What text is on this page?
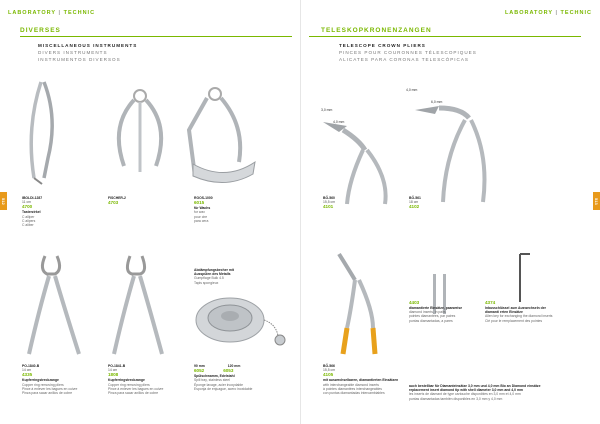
LABORATORY | TECHNIC
DIVERSES
MISCELLANEOUS INSTRUMENTS
DIVERS INSTRUMENTS
INSTRUMENTOS DIVERSOS
512	IBOLDI-1287
11 cm
4700
Tasterzirkel
C alliper
C alipers
C aliber
FISCHER-2
4703
ROOS-1000
6015
für Wachs
for wax
pour cire
para cera
Abdämpfungsbecher mit
Ausspülen des Metalls
Gumpflage Bulk 4.5
Tapis spongieux
PO-1840-B
14 cm
4335
Kupferringstreckzange
Copper ring removing pliers
Pince à enlever les bagues en cuivre
Pinza para sacar anillos de cobre
PO-1841-B
14 cm
1808
Kupferringstreckzange
Copper ring removing pliers
Pince à enlever les bagues en cuivre
Pinza para sacar anillos de cobre
90 mm	120 mm
6052	6053
Spülschwamm, Edelstahl
Spill tray, stainless steel
Éponge lavage, acier inoxydable
Esponja de enjuague, acero inoxidable
LABORATORY | TECHNIC
TELESKOPKRONENZANGEN
TELESCOPE CROWN PLIERS
PINCES POUR COURONNES TÉLESCOPIQUES
ALICATES PARA CORONAS TELESCÓPICAS
513
3,0 mm
4,0 mm
4,0 mm
6,0 mm
BÖ-560
15,5 cm
4101
BÖ-561
18 cm
4102
4403
diamantierte Einsätze, paarweise
diamond inserts, in pairs
pointes diamantées, par paires
puntas diamantadas, a pares
4374
Inbusschlüssel zum Auswechseln der
diamanti erten Einsätze
Allen key for exchanging the diamond inserts
Clé pour le remplacement des pointes
BÖ-566
15,5 cm
4105
mit auswechselbaren, diamantierten Einsätzen
with interchangeable diamond inserts
à pointes diamantées interchangeables
con puntas diamantadas intercambiables
auch bestellbar für Diamanteinsätze 3,0 mm und 4,0 mm Bio an Diamond einsätze
replacement insert diamond tip with shell diameter 3,0 mm and 4,0 mm
les inserts de diamant de type cartouche disponibles en 3,0 mm et 4,0 mm
puntas diamantadas también disponibles en 3,0 mm y 4,0 mm
